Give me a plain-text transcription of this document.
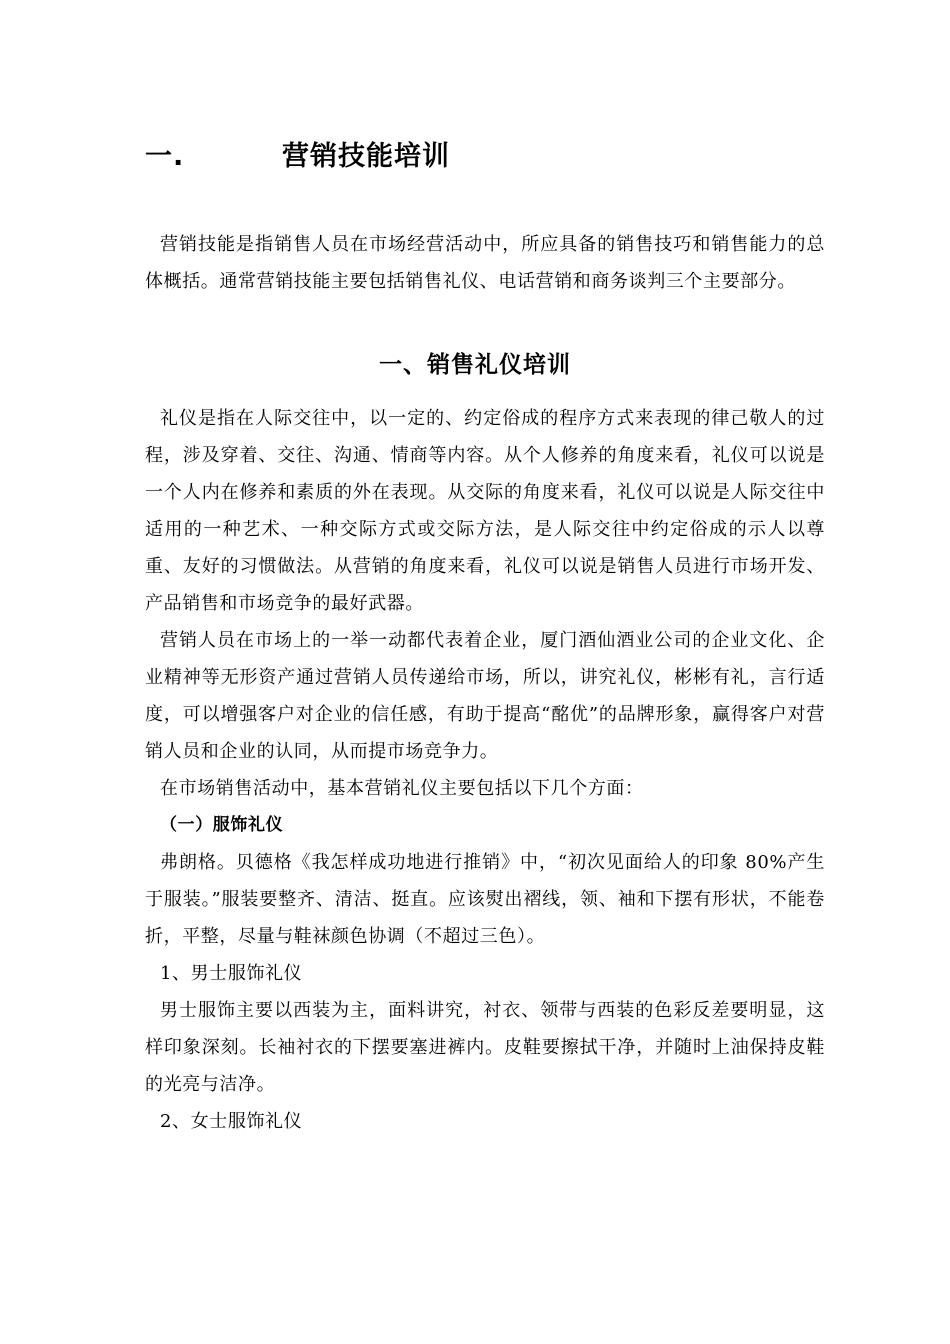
一.	营销技能培训

营销技能是指销售人员在市场经营活动中，所应具备的销售技巧和销售能力的总体概括。通常营销技能主要包括销售礼仪、电话营销和商务谈判三个主要部分。

一、销售礼仪培训

礼仪是指在人际交往中，以一定的、约定俗成的程序方式来表现的律己敬人的过程，涉及穿着、交往、沟通、情商等内容。从个人修养的角度来看，礼仪可以说是一个人内在修养和素质的外在表现。从交际的角度来看，礼仪可以说是人际交往中适用的一种艺术、一种交际方式或交际方法，是人际交往中约定俗成的示人以尊重、友好的习惯做法。从营销的角度来看，礼仪可以说是销售人员进行市场开发、产品销售和市场竞争的最好武器。

营销人员在市场上的一举一动都代表着企业，厦门酒仙酒业公司的企业文化、企业精神等无形资产通过营销人员传递给市场，所以，讲究礼仪，彬彬有礼，言行适度，可以增强客户对企业的信任感，有助于提高“酩优”的品牌形象，赢得客户对营销人员和企业的认同，从而提市场竞争力。

在市场销售活动中，基本营销礼仪主要包括以下几个方面：

（一）服饰礼仪

弗朗格。贝德格《我怎样成功地进行推销》中，“初次见面给人的印象 80%产生于服装。”服装要整齐、清洁、挺直。应该熨出褶线，领、袖和下摆有形状，不能卷折，平整，尽量与鞋袜颜色协调（不超过三色）。

1、男士服饰礼仪

男士服饰主要以西装为主，面料讲究，衬衣、领带与西装的色彩反差要明显，这样印象深刻。长袖衬衣的下摆要塞进裤内。皮鞋要擦拭干净，并随时上油保持皮鞋的光亮与洁净。

2、女士服饰礼仪
